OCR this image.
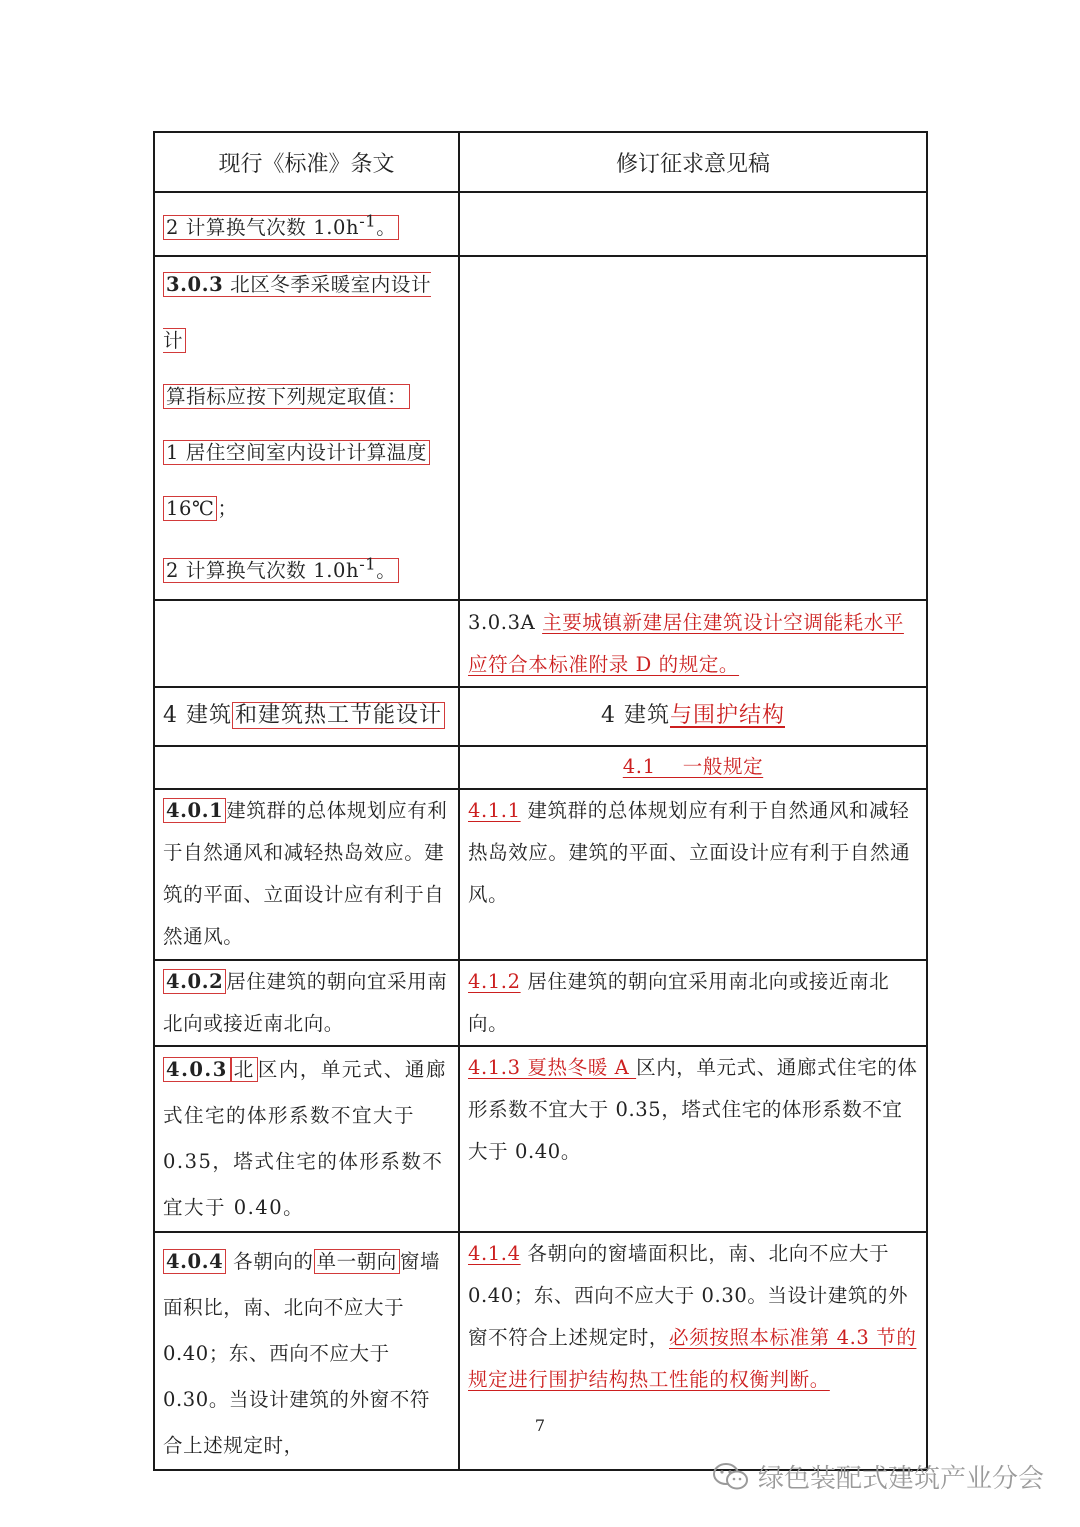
现行《标准》条文	修订征求意见稿

2 计算换气次数 $1.0h^{-1}$。	

3.0.3 北区冬季采暖室内设计计
算指标应按下列规定取值：
1 居住空间室内设计计算温度
16℃ ；
2 计算换气次数 $1.0h^{-1}$。	

	3.0.3A 主要城镇新建居住建筑设计空调能耗水平应符合本标准附录 D 的规定。

4 建筑 和建筑热工节能设计	4 建筑与围护结构

	4.1    一般规定

4.0.1 建筑群的总体规划应有利于自然通风和减轻热岛效应。建筑的平面、立面设计应有利于自然通风。	4.1.1 建筑群的总体规划应有利于自然通风和减轻热岛效应。建筑的平面、立面设计应有利于自然通风。

4.0.2 居住建筑的朝向宜采用南北向或接近南北向。	4.1.2 居住建筑的朝向宜采用南北向或接近南北向。

4.0.3 北 区内，单元式、通廊式住宅的体形系数不宜大于 0.35，塔式住宅的体形系数不宜大于 0.40。	4.1.3 夏热冬暖 A 区内，单元式、通廊式住宅的体形系数不宜大于 0.35，塔式住宅的体形系数不宜大于 0.40。

4.0.4 各朝向的 单一朝向 窗墙面积比，南、北向不应大于 0.40；东、西向不应大于 0.30。当设计建筑的外窗不符合上述规定时，	4.1.4 各朝向的窗墙面积比，南、北向不应大于 0.40；东、西向不应大于 0.30。当设计建筑的外窗不符合上述规定时，必须按照本标准第 4.3 节的规定进行围护结构热工性能的权衡判断。
7
绿色装配式建筑产业分会
